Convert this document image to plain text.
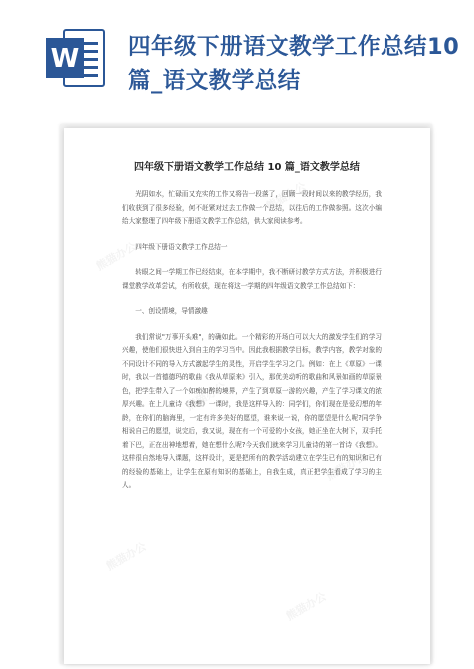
W 四年级下册语文教学工作总结10篇_语文教学总结
熊猫办公
熊猫办公
熊猫办公
熊猫办公
熊猫办公
熊猫办公
四年级下册语文教学工作总结 10 篇_语文教学总结

光阴如水，忙碌而又充实的工作又将告一段落了，回顾一段时间以来的教学经历，我们收获到了很多经验，何不赶紧对过去工作做一个总结，以往后的工作做参照。这次小编给大家整理了四年级下册语文教学工作总结，供大家阅读参考。

四年级下册语文教学工作总结一

转眼之间一学期工作已经结束，在本学期中，我不断研讨教学方式方法，并积极进行课堂教学改革尝试，有所收获，现在将这一学期的四年级语文教学工作总结如下：

一、创设情境，导情激趣

我们常说"万事开头难"，的确如此。一个精彩的开场白可以大大的激发学生们的学习兴趣，使他们很快进入到自主的学习当中。因此我根据教学目标，教学内容，教学对象的不同设计不同的导入方式激起学生的灵性，开启学生学习之门。例如：在上《草原》一课时，我以一首德德玛的歌曲《我从草原来》引入，那优美动听的歌曲和风景如画的草原景色，把学生带入了一个如痴如醉的境界，产生了到草原一游的兴趣，产生了学习课文的浓厚兴趣。在上儿童诗《我想》一课时，我是这样导入的：同学们，你们现在是爱幻想的年龄，在你们的脑海里，一定有许多美好的愿望，谁来说一说，你的愿望是什么呢?同学争相说自己的愿望，说完后，我又说，现在有一个可爱的小女孩，她正坐在大树下，双手托着下巴，正在出神地想着，她在想什么呢?今天我们就来学习儿童诗的第一首诗《我想》。这样很自然地导入课题，这样设计，更是把所有的教学活动建立在学生已有的知识和已有的经验的基础上，让学生在原有知识的基础上，自我生成，真正把学生看成了学习的主人。
